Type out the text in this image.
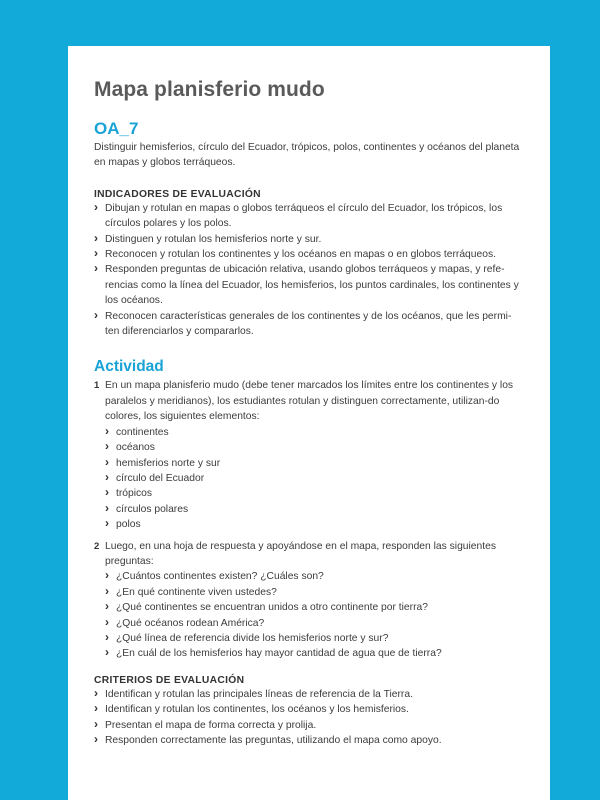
Mapa planisferio mudo
OA_7

Distinguir hemisferios, círculo del Ecuador, trópicos, polos, continentes y océanos del planeta en mapas y globos terráqueos.

INDICADORES DE EVALUACIÓN
› Dibujan y rotulan en mapas o globos terráqueos el círculo del Ecuador, los trópicos, los círculos polares y los polos.
› Distinguen y rotulan los hemisferios norte y sur.
› Reconocen y rotulan los continentes y los océanos en mapas o en globos terráqueos.
› Responden preguntas de ubicación relativa, usando globos terráqueos y mapas, y refe-rencias como la línea del Ecuador, los hemisferios, los puntos cardinales, los continentes y los océanos.
› Reconocen características generales de los continentes y de los océanos, que les permi-ten diferenciarlos y compararlos.
Actividad
1 En un mapa planisferio mudo (debe tener marcados los límites entre los continentes y los paralelos y meridianos), los estudiantes rotulan y distinguen correctamente, utilizan-do colores, los siguientes elementos:
› continentes
› océanos
› hemisferios norte y sur
› círculo del Ecuador
› trópicos
› círculos polares
› polos
2 Luego, en una hoja de respuesta y apoyándose en el mapa, responden las siguientes preguntas:
› ¿Cuántos continentes existen? ¿Cuáles son?
› ¿En qué continente viven ustedes?
› ¿Qué continentes se encuentran unidos a otro continente por tierra?
› ¿Qué océanos rodean América?
› ¿Qué línea de referencia divide los hemisferios norte y sur?
› ¿En cuál de los hemisferios hay mayor cantidad de agua que de tierra?
CRITERIOS DE EVALUACIÓN
› Identifican y rotulan las principales líneas de referencia de la Tierra.
› Identifican y rotulan los continentes, los océanos y los hemisferios.
› Presentan el mapa de forma correcta y prolija.
› Responden correctamente las preguntas, utilizando el mapa como apoyo.
